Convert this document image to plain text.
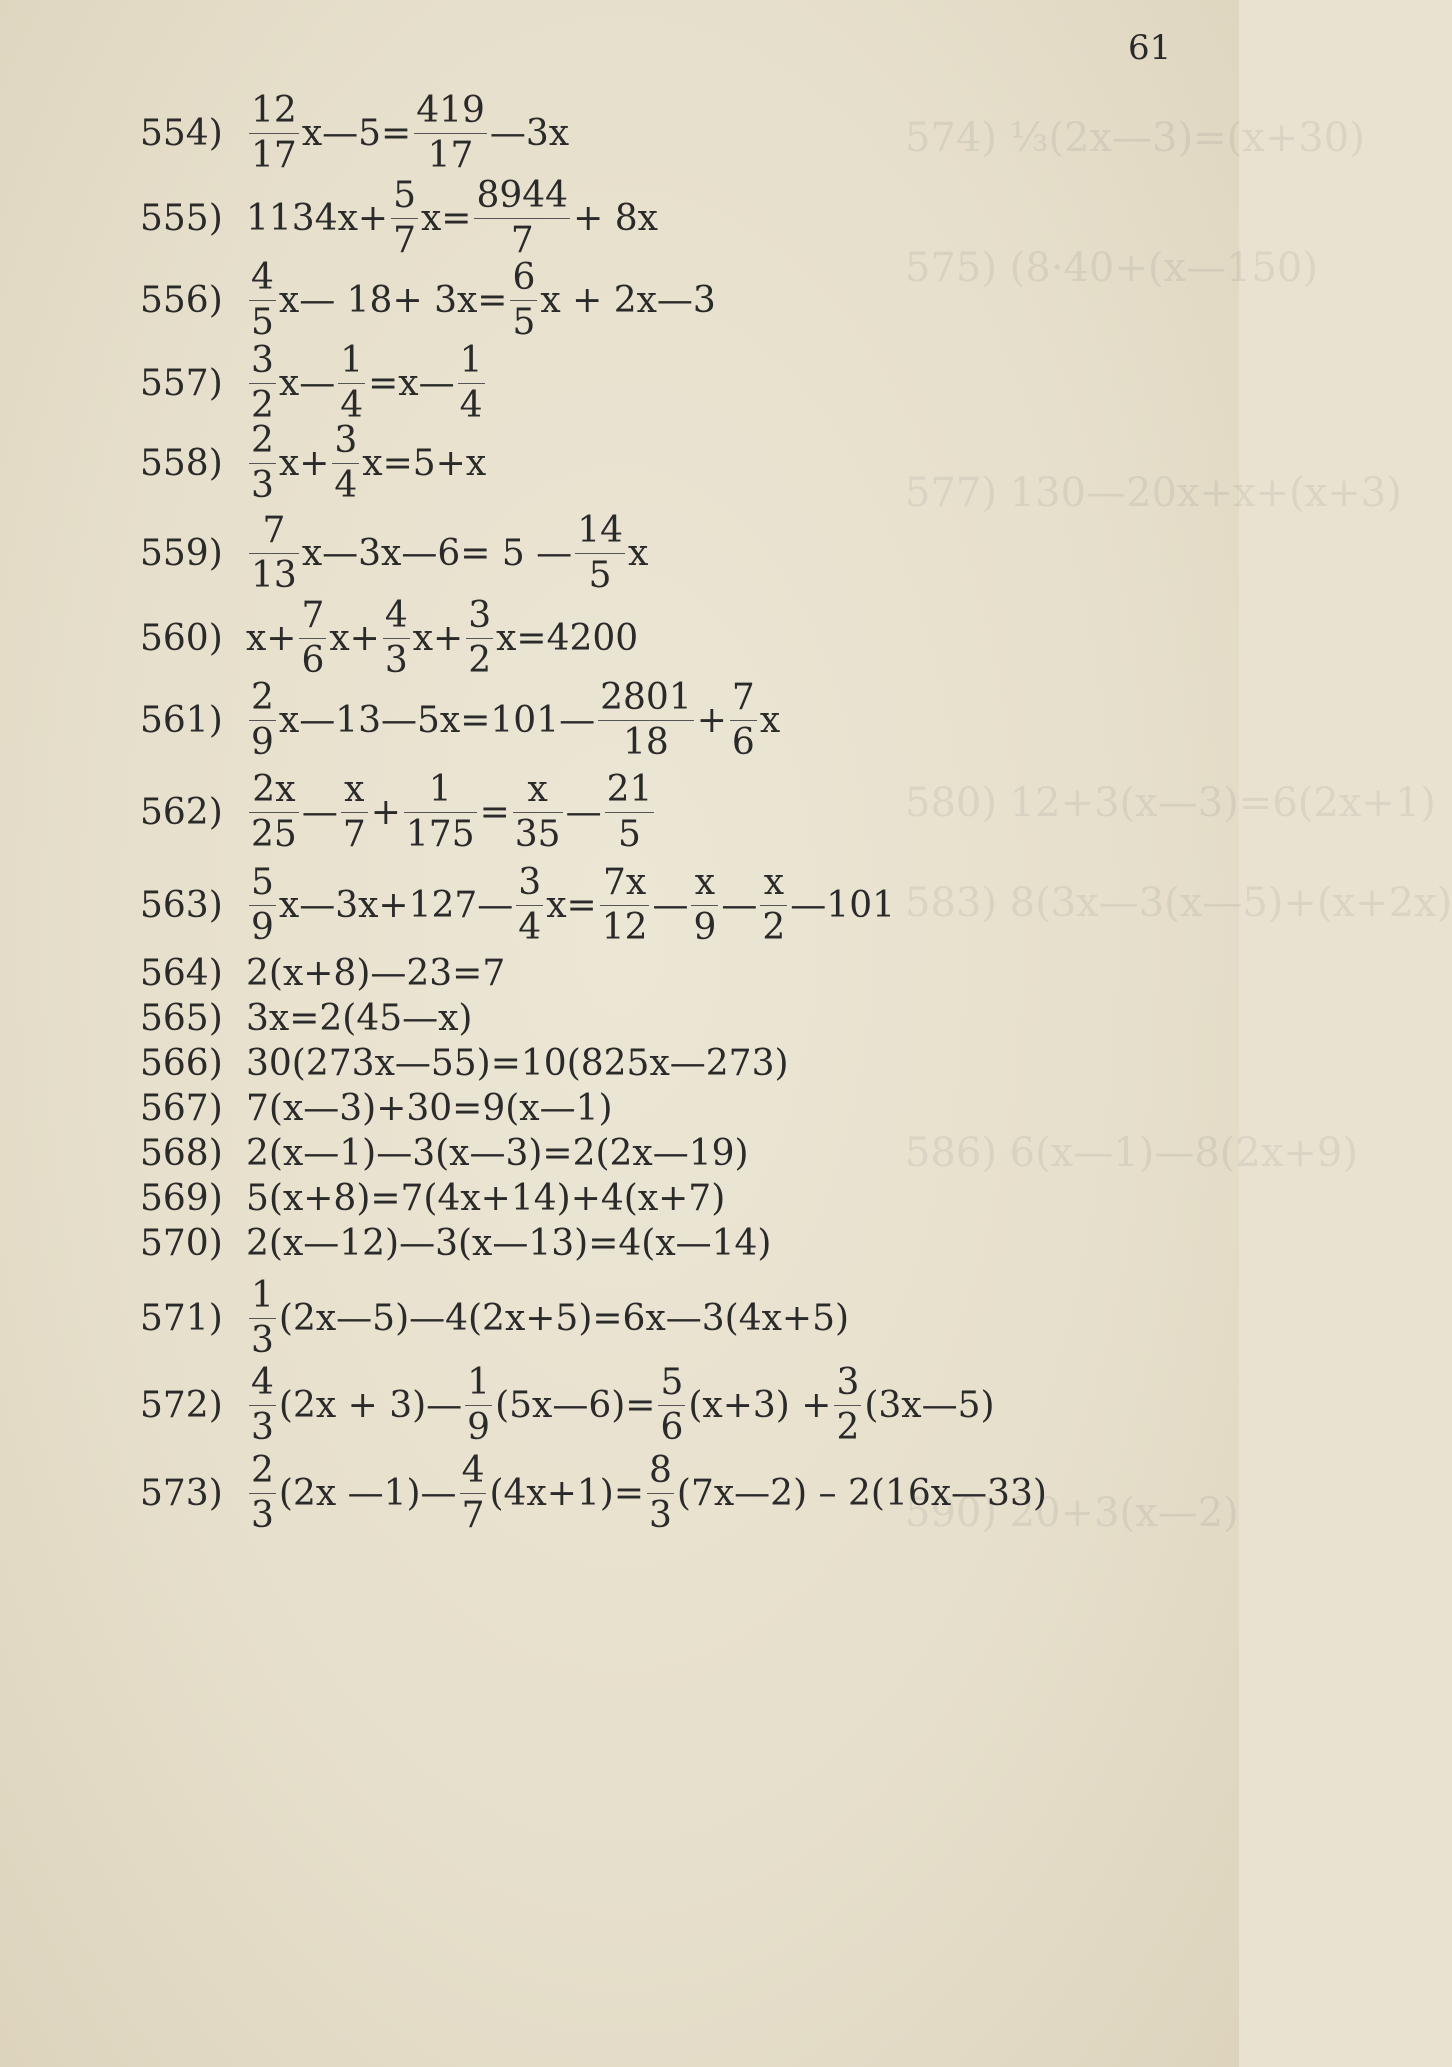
574) ⅓(2x—3)=(x+30)
575) (8·40+(x—150)
577) 130—20x+x+(x+3)
580) 12+3(x—3)=6(2x+1)
583) 8(3x—3(x—5)+(x+2x)
586) 6(x—1)—8(2x+9)
590) 20+3(x—2)
61
$554) \frac{12}{17}$ x—5= $\frac{419}{17}$ —3x
555) $1134x+ \frac{5}{7} x= \frac{8944}{7} + 8x$
$556) \frac{4}{5}$ x— $18+ 3x= \frac{6}{5}$ x + 2x—3
$557) \frac{3}{2}$ x— $\frac{1}{4}$ =x— $\frac{1}{4}$
$558) \frac{2}{3} x+ \frac{3}{4} x=5+x$
$559) \frac{7}{13}$ x—3x—6= 5 — $\frac{14}{5}$ x
560) $x+ \frac{7}{6} x+ \frac{4}{3} x+ \frac{3}{2} x=4200$
$561) \frac{2}{9}$ x—13—5x=101— $\frac{2801}{18} + \frac{7}{6}$ x
$562) \frac{2x}{25}$ — $\frac{x}{7} + \frac{1}{175} = \frac{x}{35}$ — $\frac{21}{5}$
$563) \frac{5}{9}$ x—3x+127— $\frac{3}{4} x= \frac{7x}{12}$ — $\frac{x}{9}$ — $\frac{x}{2}$ —101
564) 2(x+8)—23=7
565) 3x=2(45—x)
566) 30(273x—55)=10(825x—273)
567) 7(x—3)+30=9(x—1)
568) 2(x—1)—3(x—3)=2(2x—19)
569) 5(x+8)=7(4x+14)+4(x+7)
570) 2(x—12)—3(x—13)=4(x—14)
$571) \frac{1}{3}$ (2x—5)—4(2x+5)=6x—3(4x+5)
$572) \frac{4}{3} (2x$ + 3)— $\frac{1}{9}$ (5x—6)= $\frac{5}{6} (x+3) + \frac{3}{2}$ (3x—5)
$573) \frac{2}{3} (2x$ —1)— $\frac{4}{7} (4x+1)= \frac{8}{3}$ (7x—2) – 2(16x—33)
